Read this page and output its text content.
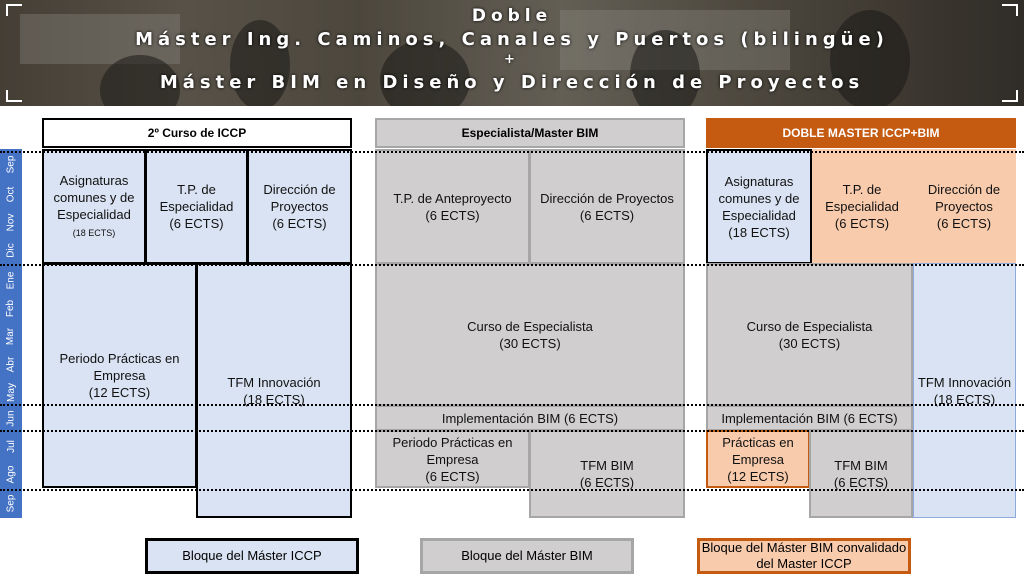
Doble
Máster Ing. Caminos, Canales y Puertos (bilingüe)
+
Máster BIM en Diseño y Dirección de Proyectos
2º Curso de ICCP	Especialista/Master BIM	DOBLE MASTER ICCP+BIM
Sep
Oct
Nov
Dic
Ene
Feb
Mar
Abr
May
Jun
Jul
Ago
Sep
Asignaturas comunes y de Especialidad
(18 ECTS)
T.P. de Especialidad
(6 ECTS)
Dirección de Proyectos
(6 ECTS)
Periodo Prácticas en Empresa
(12 ECTS)
TFM Innovación
(18 ECTS)
T.P. de Anteproyecto
(6 ECTS)
Dirección de Proyectos
(6 ECTS)
Curso de Especialista
(30 ECTS)
Implementación BIM (6 ECTS)
Periodo Prácticas en Empresa
(6 ECTS)
TFM BIM
(6 ECTS)
Asignaturas comunes y de Especialidad
(18 ECTS)
T.P. de Especialidad
(6 ECTS)
Dirección de Proyectos
(6 ECTS)
Curso de Especialista
(30 ECTS)
TFM Innovación
(18 ECTS)
Implementación BIM (6 ECTS)
Prácticas en Empresa
(12 ECTS)
TFM BIM
(6 ECTS)
Bloque del Máster ICCP	Bloque del Máster BIM
Bloque del Máster BIM convalidado del Master ICCP
